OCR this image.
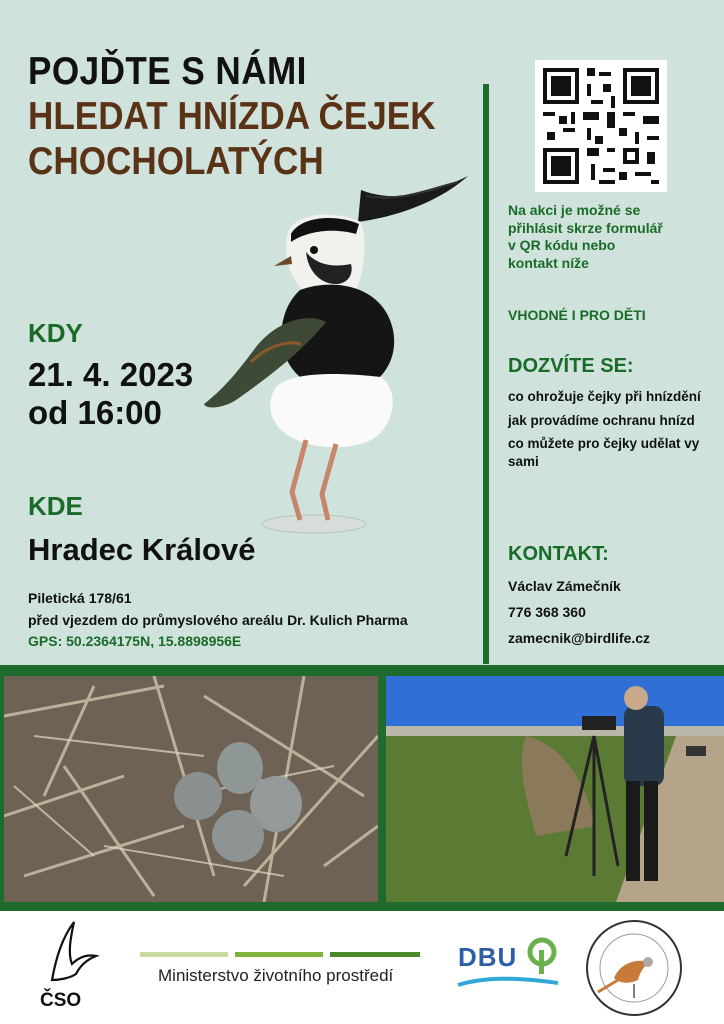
POJĎTE S NÁMI
HLEDAT HNÍZDA ČEJEK
CHOCHOLATÝCH
KDY
21. 4. 2023
od 16:00
KDE
Hradec Králové
Piletická 178/61
před vjezdem do průmyslového areálu Dr. Kulich Pharma
GPS: 50.2364175N, 15.8898956E
Na akci je možné se
přihlásit skrze formulář
v QR kódu nebo
kontakt níže
VHODNÉ I PRO DĚTI
DOZVÍTE SE:
co ohrožuje čejky při hnízdění
jak provádíme ochranu hnízd
co můžete pro čejky udělat vy sami
KONTAKT:
Václav Zámečník
776 368 360
zamecnik@birdlife.cz
ČSO
Ministerstvo životního prostředí
DBU
